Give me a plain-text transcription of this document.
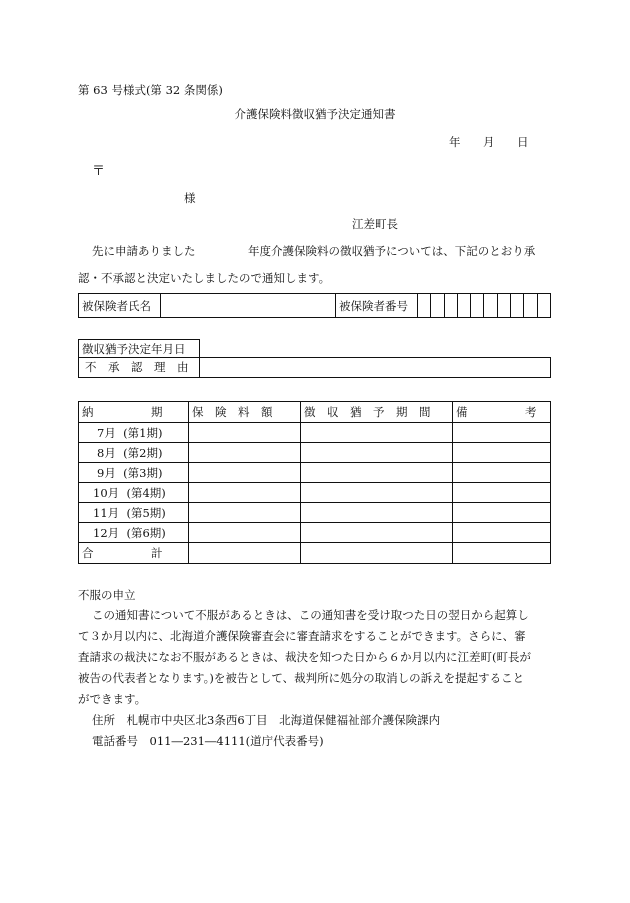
第 63 号様式(第 32 条関係)
介護保険料徴収猶予決定通知書
年 月 日
〒
様
江差町長
先に申請ありました	年度介護保険料の徴収猶予については、下記のとおり承
認・不承認と決定いたしましたので通知します。
被保険者氏名		被保険者番号										
徴収猶予決定年月日
不　承　認　理　由
納　　　　　期	保　険　料　額	徴　収　猶　予　期　間	備　　　　　考
7月 (第1期)			
8月 (第2期)			
9月 (第3期)			
10月 (第4期)			
11月 (第5期)			
12月 (第6期)			
合　　　　　計			
不服の申立
この通知書について不服があるときは、この通知書を受け取つた日の翌日から起算し
て３か月以内に、北海道介護保険審査会に審査請求をすることができます。さらに、審
査請求の裁決になお不服があるときは、裁決を知つた日から６か月以内に江差町(町長が
被告の代表者となります。)を被告として、裁判所に処分の取消しの訴えを提起すること
ができます。
住所　札幌市中央区北3条西6丁目　北海道保健福祉部介護保険課内
電話番号　011―231―4111(道庁代表番号)
